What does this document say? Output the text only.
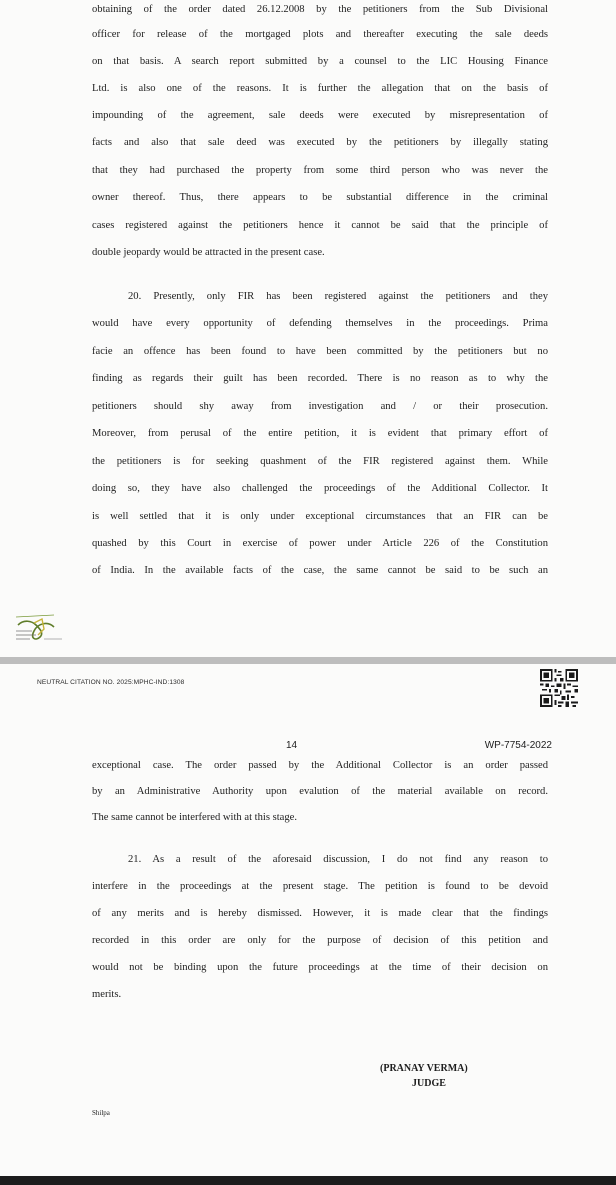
obtaining of the order dated 26.12.2008 by the petitioners from the Sub Divisional
officer for release of the mortgaged plots and thereafter executing the sale deeds
on that basis. A search report submitted by a counsel to the LIC Housing Finance
Ltd. is also one of the reasons. It is further the allegation that on the basis of
impounding of the agreement, sale deeds were executed by misrepresentation of
facts and also that sale deed was executed by the petitioners by illegally stating
that they had purchased the property from some third person who was never the
owner thereof. Thus, there appears to be substantial difference in the criminal
cases registered against the petitioners hence it cannot be said that the principle of
double jeopardy would be attracted in the present case.
20. Presently, only FIR has been registered against the petitioners and they
would have every opportunity of defending themselves in the proceedings. Prima
facie an offence has been found to have been committed by the petitioners but no
finding as regards their guilt has been recorded. There is no reason as to why the
petitioners should shy away from investigation and / or their prosecution.
Moreover, from perusal of the entire petition, it is evident that primary effort of
the petitioners is for seeking quashment of the FIR registered against them. While
doing so, they have also challenged the proceedings of the Additional Collector. It
is well settled that it is only under exceptional circumstances that an FIR can be
quashed by this Court in exercise of power under Article 226 of the Constitution
of India. In the available facts of the case, the same cannot be said to be such an
NEUTRAL CITATION NO. 2025:MPHC-IND:1308
14	WP-7754-2022
exceptional case. The order passed by the Additional Collector is an order passed
by an Administrative Authority upon evalution of the material available on record.
The same cannot be interfered with at this stage.
21. As a result of the aforesaid discussion, I do not find any reason to
interfere in the proceedings at the present stage. The petition is found to be devoid
of any merits and is hereby dismissed. However, it is made clear that the findings
recorded in this order are only for the purpose of decision of this petition and
would not be binding upon the future proceedings at the time of their decision on
merits.
(PRANAY VERMA)
JUDGE
Shilpa
